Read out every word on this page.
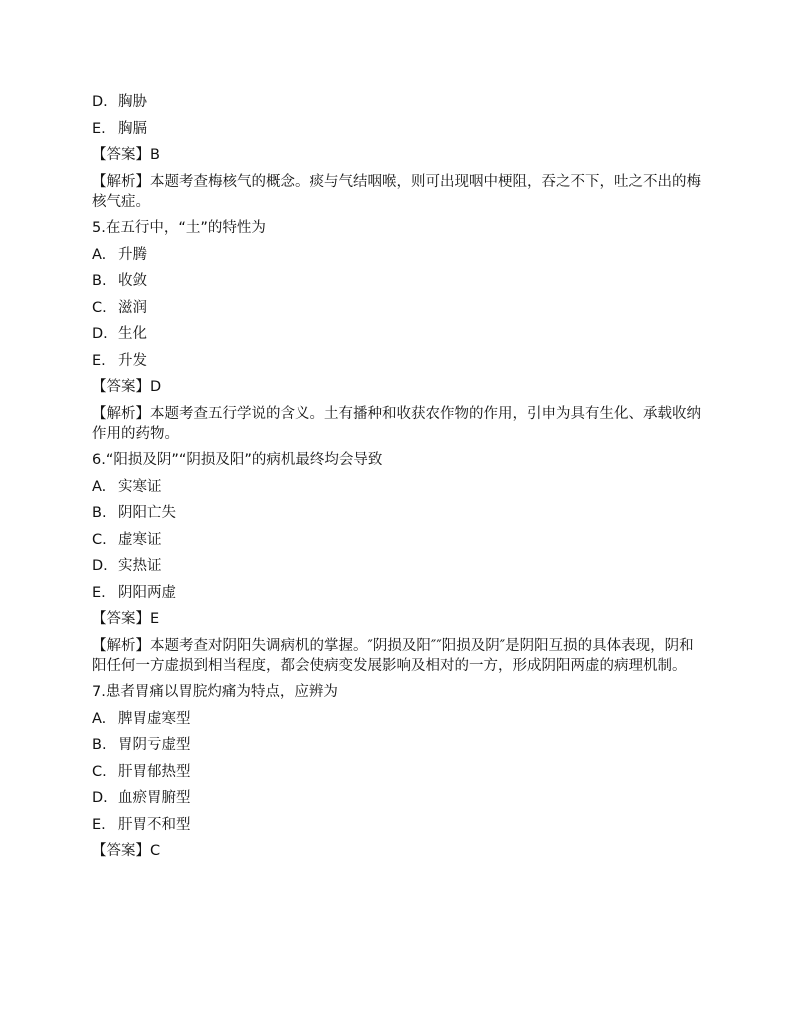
D. 胸胁
E. 胸膈
【答案】B
【解析】本题考查梅核气的概念。痰与气结咽喉，则可出现咽中梗阻，吞之不下，吐之不出的梅核气症。
5.在五行中，“土”的特性为
A. 升腾
B. 收敛
C. 滋润
D. 生化
E. 升发
【答案】D
【解析】本题考查五行学说的含义。土有播种和收获农作物的作用，引申为具有生化、承载收纳作用的药物。
6.“阳损及阴”“阴损及阳”的病机最终均会导致
A. 实寒证
B. 阴阳亡失
C. 虚寒证
D. 实热证
E. 阴阳两虚
【答案】E
【解析】本题考查对阴阳失调病机的掌握。″阴损及阳″″阳损及阴″是阴阳互损的具体表现，阴和阳任何一方虚损到相当程度，都会使病变发展影响及相对的一方，形成阴阳两虚的病理机制。
7.患者胃痛以胃脘灼痛为特点，应辨为
A. 脾胃虚寒型
B. 胃阴亏虚型
C. 肝胃郁热型
D. 血瘀胃腑型
E. 肝胃不和型
【答案】C
